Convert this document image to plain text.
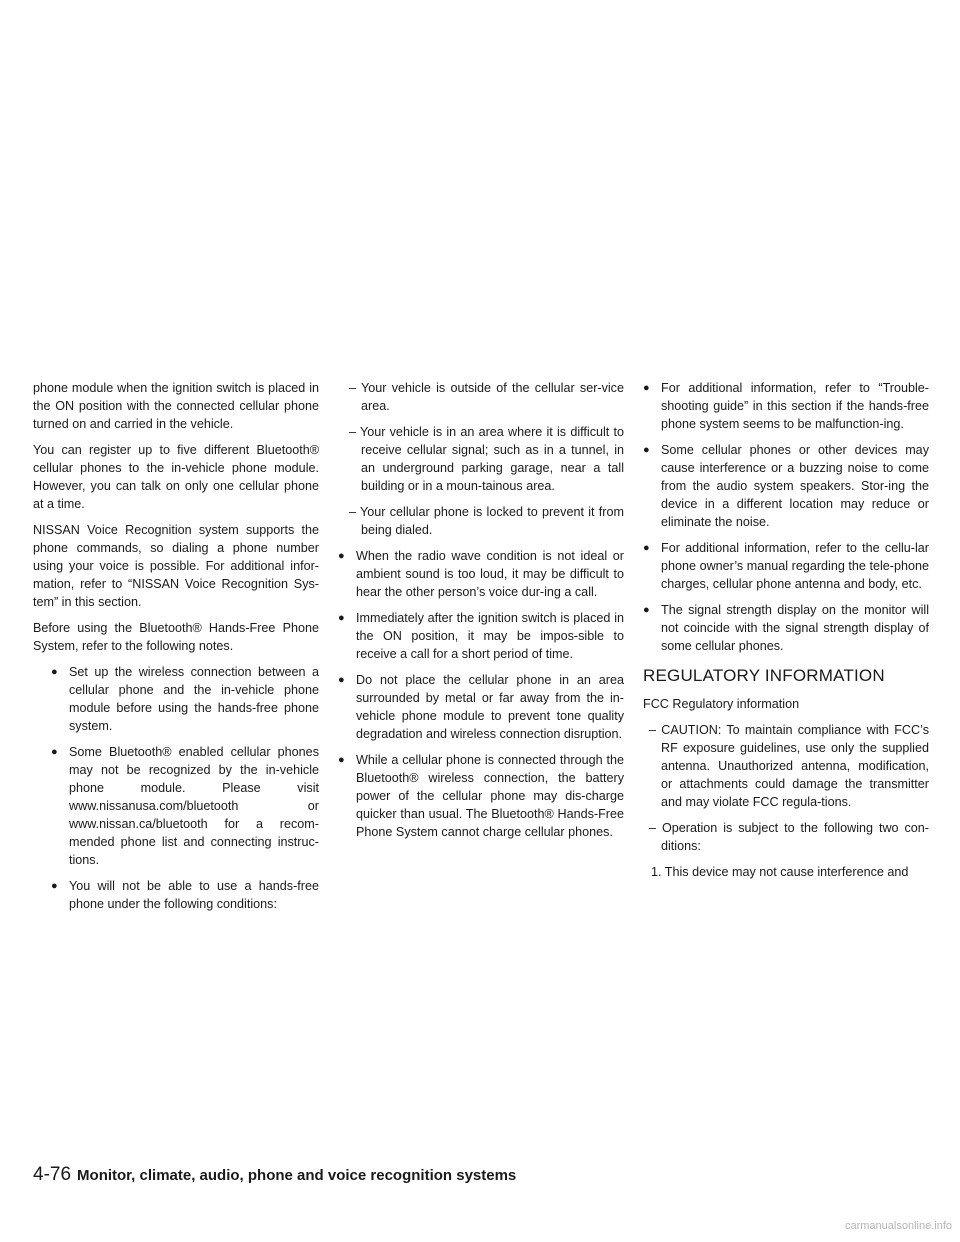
phone module when the ignition switch is placed in the ON position with the connected cellular phone turned on and carried in the vehicle.

You can register up to five different Bluetooth® cellular phones to the in-vehicle phone module. However, you can talk on only one cellular phone at a time.

NISSAN Voice Recognition system supports the phone commands, so dialing a phone number using your voice is possible. For additional infor-mation, refer to “NISSAN Voice Recognition Sys-tem” in this section.

Before using the Bluetooth® Hands-Free Phone System, refer to the following notes.

● Set up the wireless connection between a cellular phone and the in-vehicle phone module before using the hands-free phone system.
● Some Bluetooth® enabled cellular phones may not be recognized by the in-vehicle phone module. Please visit www.nissanusa.com/bluetooth or www.nissan.ca/bluetooth for a recom-mended phone list and connecting instruc-tions.
● You will not be able to use a hands-free phone under the following conditions:
– Your vehicle is outside of the cellular ser-vice area.
– Your vehicle is in an area where it is difficult to receive cellular signal; such as in a tunnel, in an underground parking garage, near a tall building or in a moun-tainous area.
– Your cellular phone is locked to prevent it from being dialed.
● When the radio wave condition is not ideal or ambient sound is too loud, it may be difficult to hear the other person’s voice dur-ing a call.
● Immediately after the ignition switch is placed in the ON position, it may be impos-sible to receive a call for a short period of time.
● Do not place the cellular phone in an area surrounded by metal or far away from the in-vehicle phone module to prevent tone quality degradation and wireless connection disruption.
● While a cellular phone is connected through the Bluetooth® wireless connection, the battery power of the cellular phone may dis-charge quicker than usual. The Bluetooth® Hands-Free Phone System cannot charge cellular phones.
● For additional information, refer to “Trouble-shooting guide” in this section if the hands-free phone system seems to be malfunction-ing.
● Some cellular phones or other devices may cause interference or a buzzing noise to come from the audio system speakers. Stor-ing the device in a different location may reduce or eliminate the noise.
● For additional information, refer to the cellu-lar phone owner’s manual regarding the tele-phone charges, cellular phone antenna and body, etc.
● The signal strength display on the monitor will not coincide with the signal strength display of some cellular phones.
REGULATORY INFORMATION

FCC Regulatory information

– CAUTION: To maintain compliance with FCC’s RF exposure guidelines, use only the supplied antenna. Unauthorized antenna, modification, or attachments could damage the transmitter and may violate FCC regula-tions.
– Operation is subject to the following two con-ditions:
1. This device may not cause interference and
4-76 Monitor, climate, audio, phone and voice recognition systems
carmanualsonline.info
